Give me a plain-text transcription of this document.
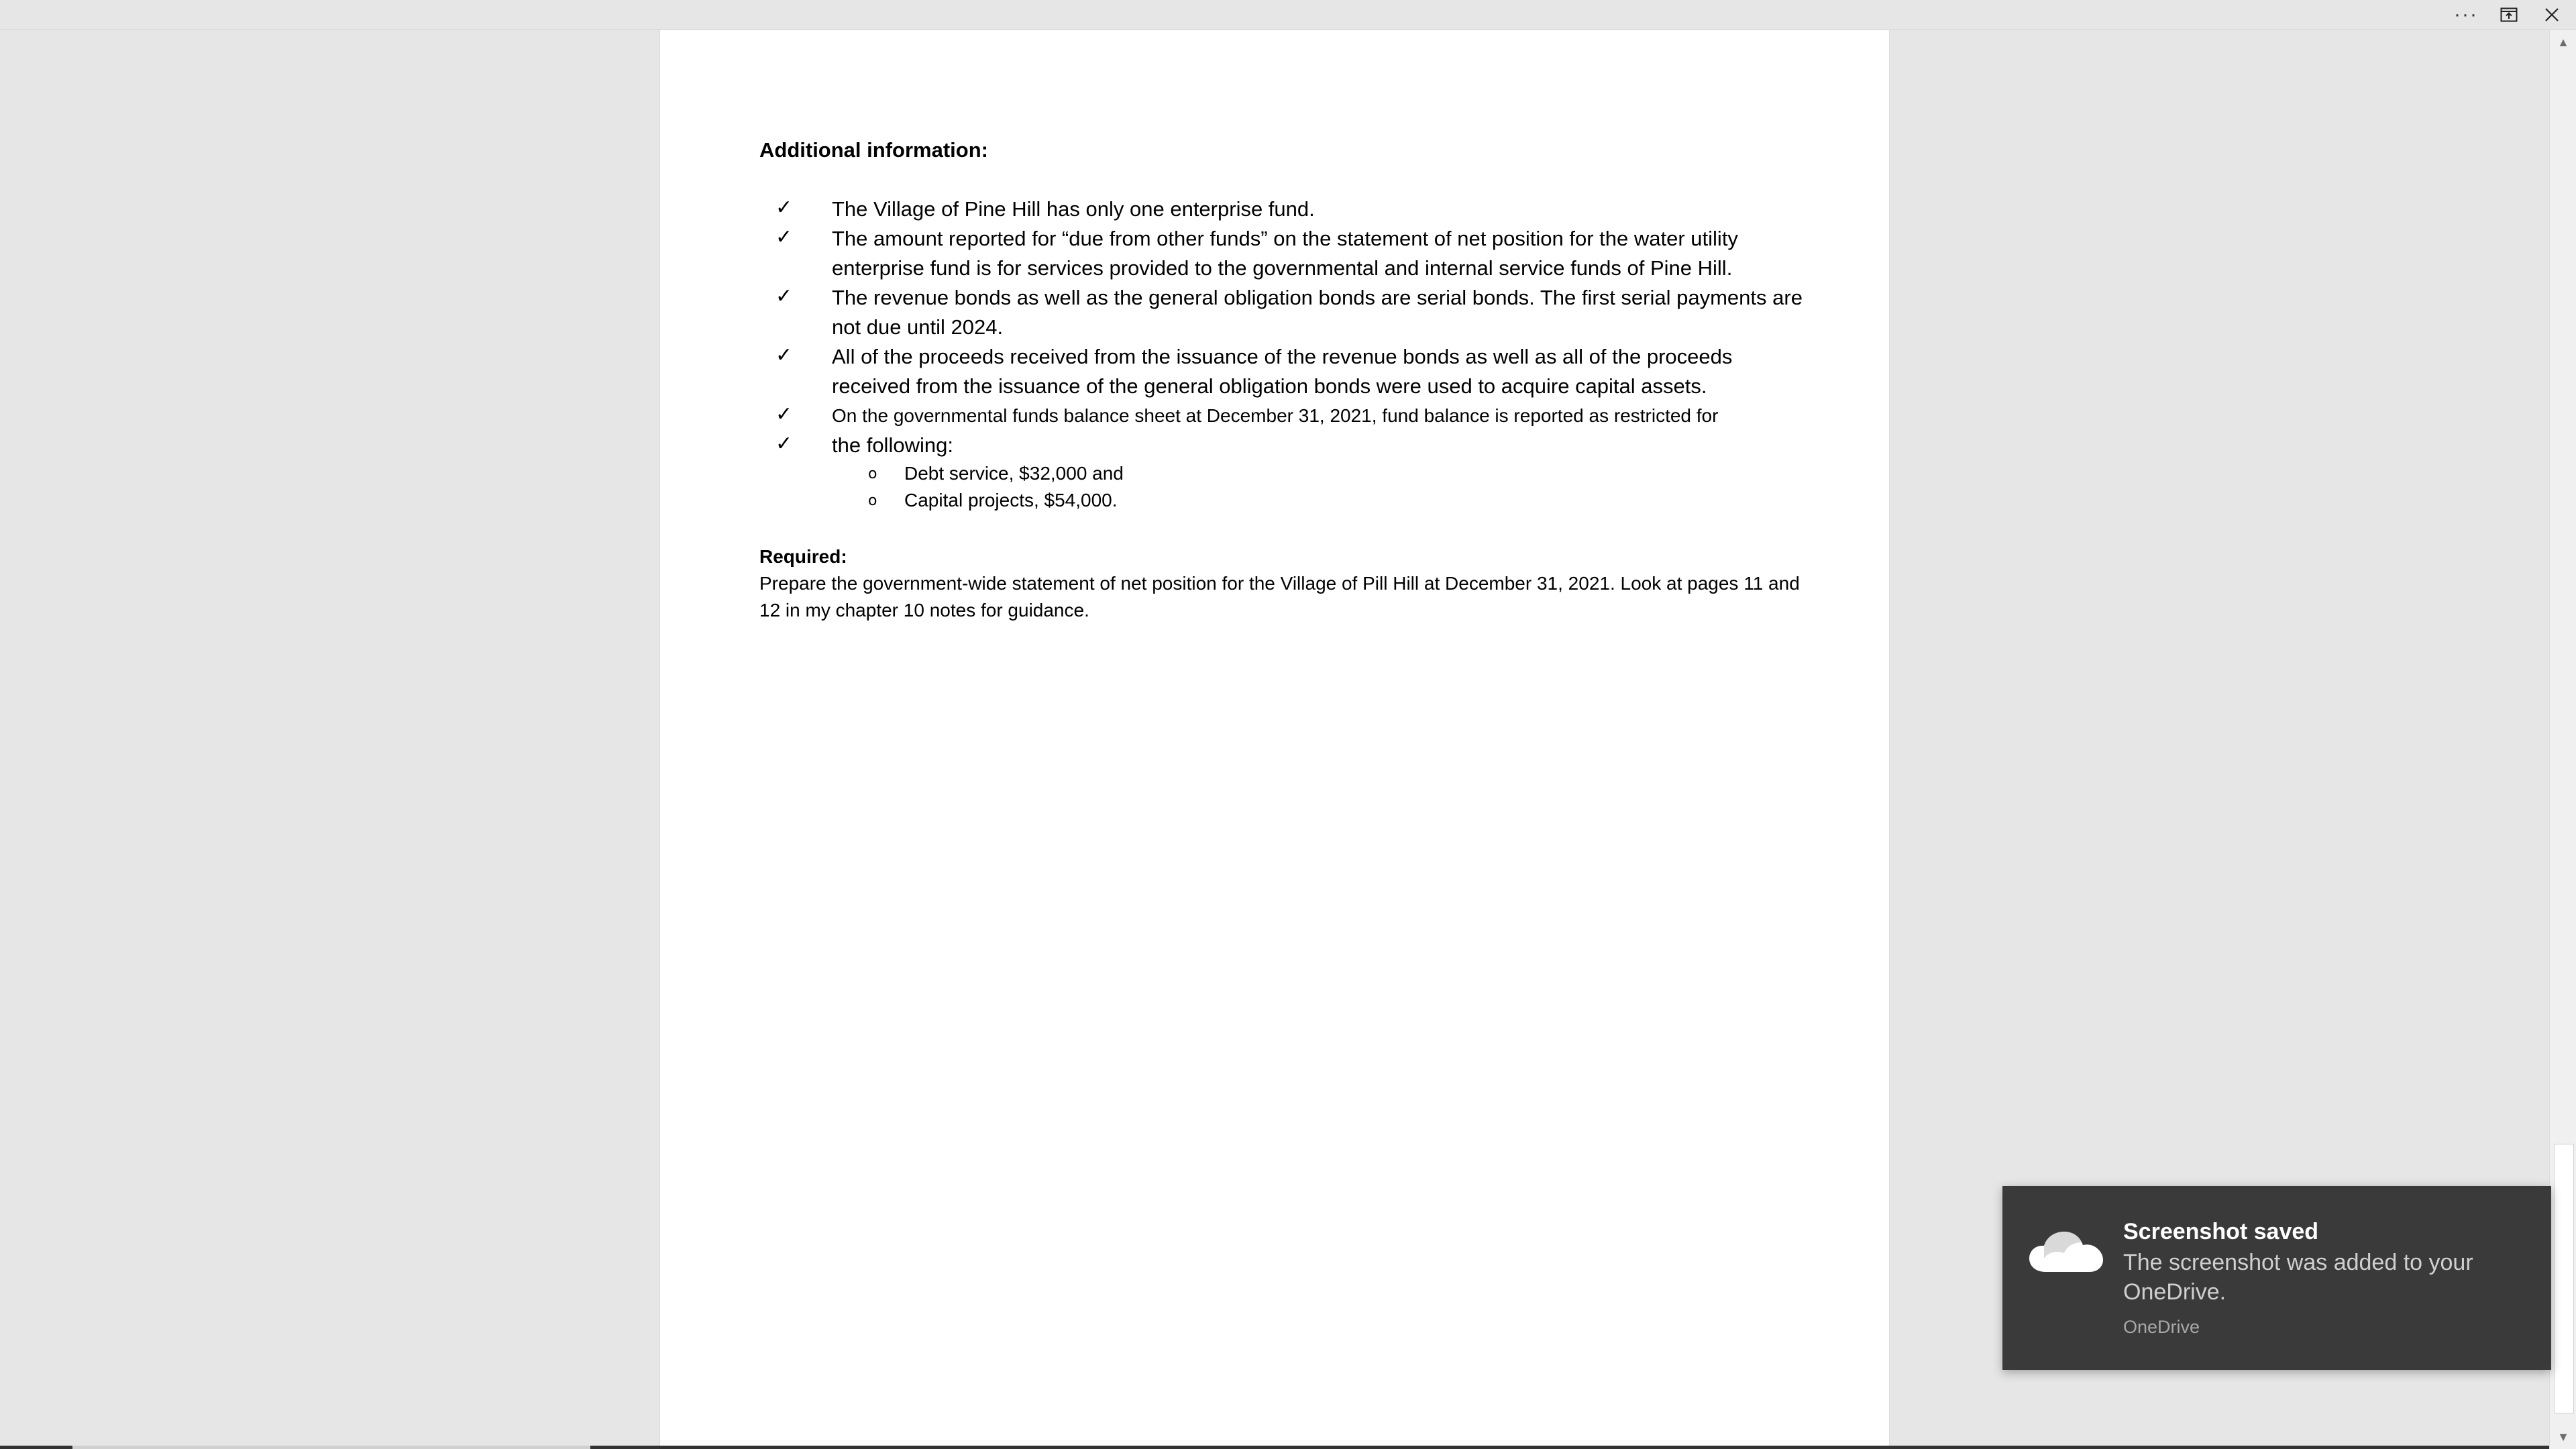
···

Additional information:

✓	The Village of Pine Hill has only one enterprise fund.
✓	The amount reported for “due from other funds” on the statement of net position for the water utility enterprise fund is for services provided to the governmental and internal service funds of Pine Hill.
✓	The revenue bonds as well as the general obligation bonds are serial bonds. The first serial payments are not due until 2024.
✓	All of the proceeds received from the issuance of the revenue bonds as well as all of the proceeds received from the issuance of the general obligation bonds were used to acquire capital assets.
✓	On the governmental funds balance sheet at December 31, 2021, fund balance is reported as restricted for
✓	the following:
o Debt service, $32,000 and
o Capital projects, $54,000.
Required:
Prepare the government-wide statement of net position for the Village of Pill Hill at December 31, 2021. Look at pages 11 and 12 in my chapter 10 notes for guidance.
▲
▼
Screenshot saved
The screenshot was added to your OneDrive.
OneDrive
